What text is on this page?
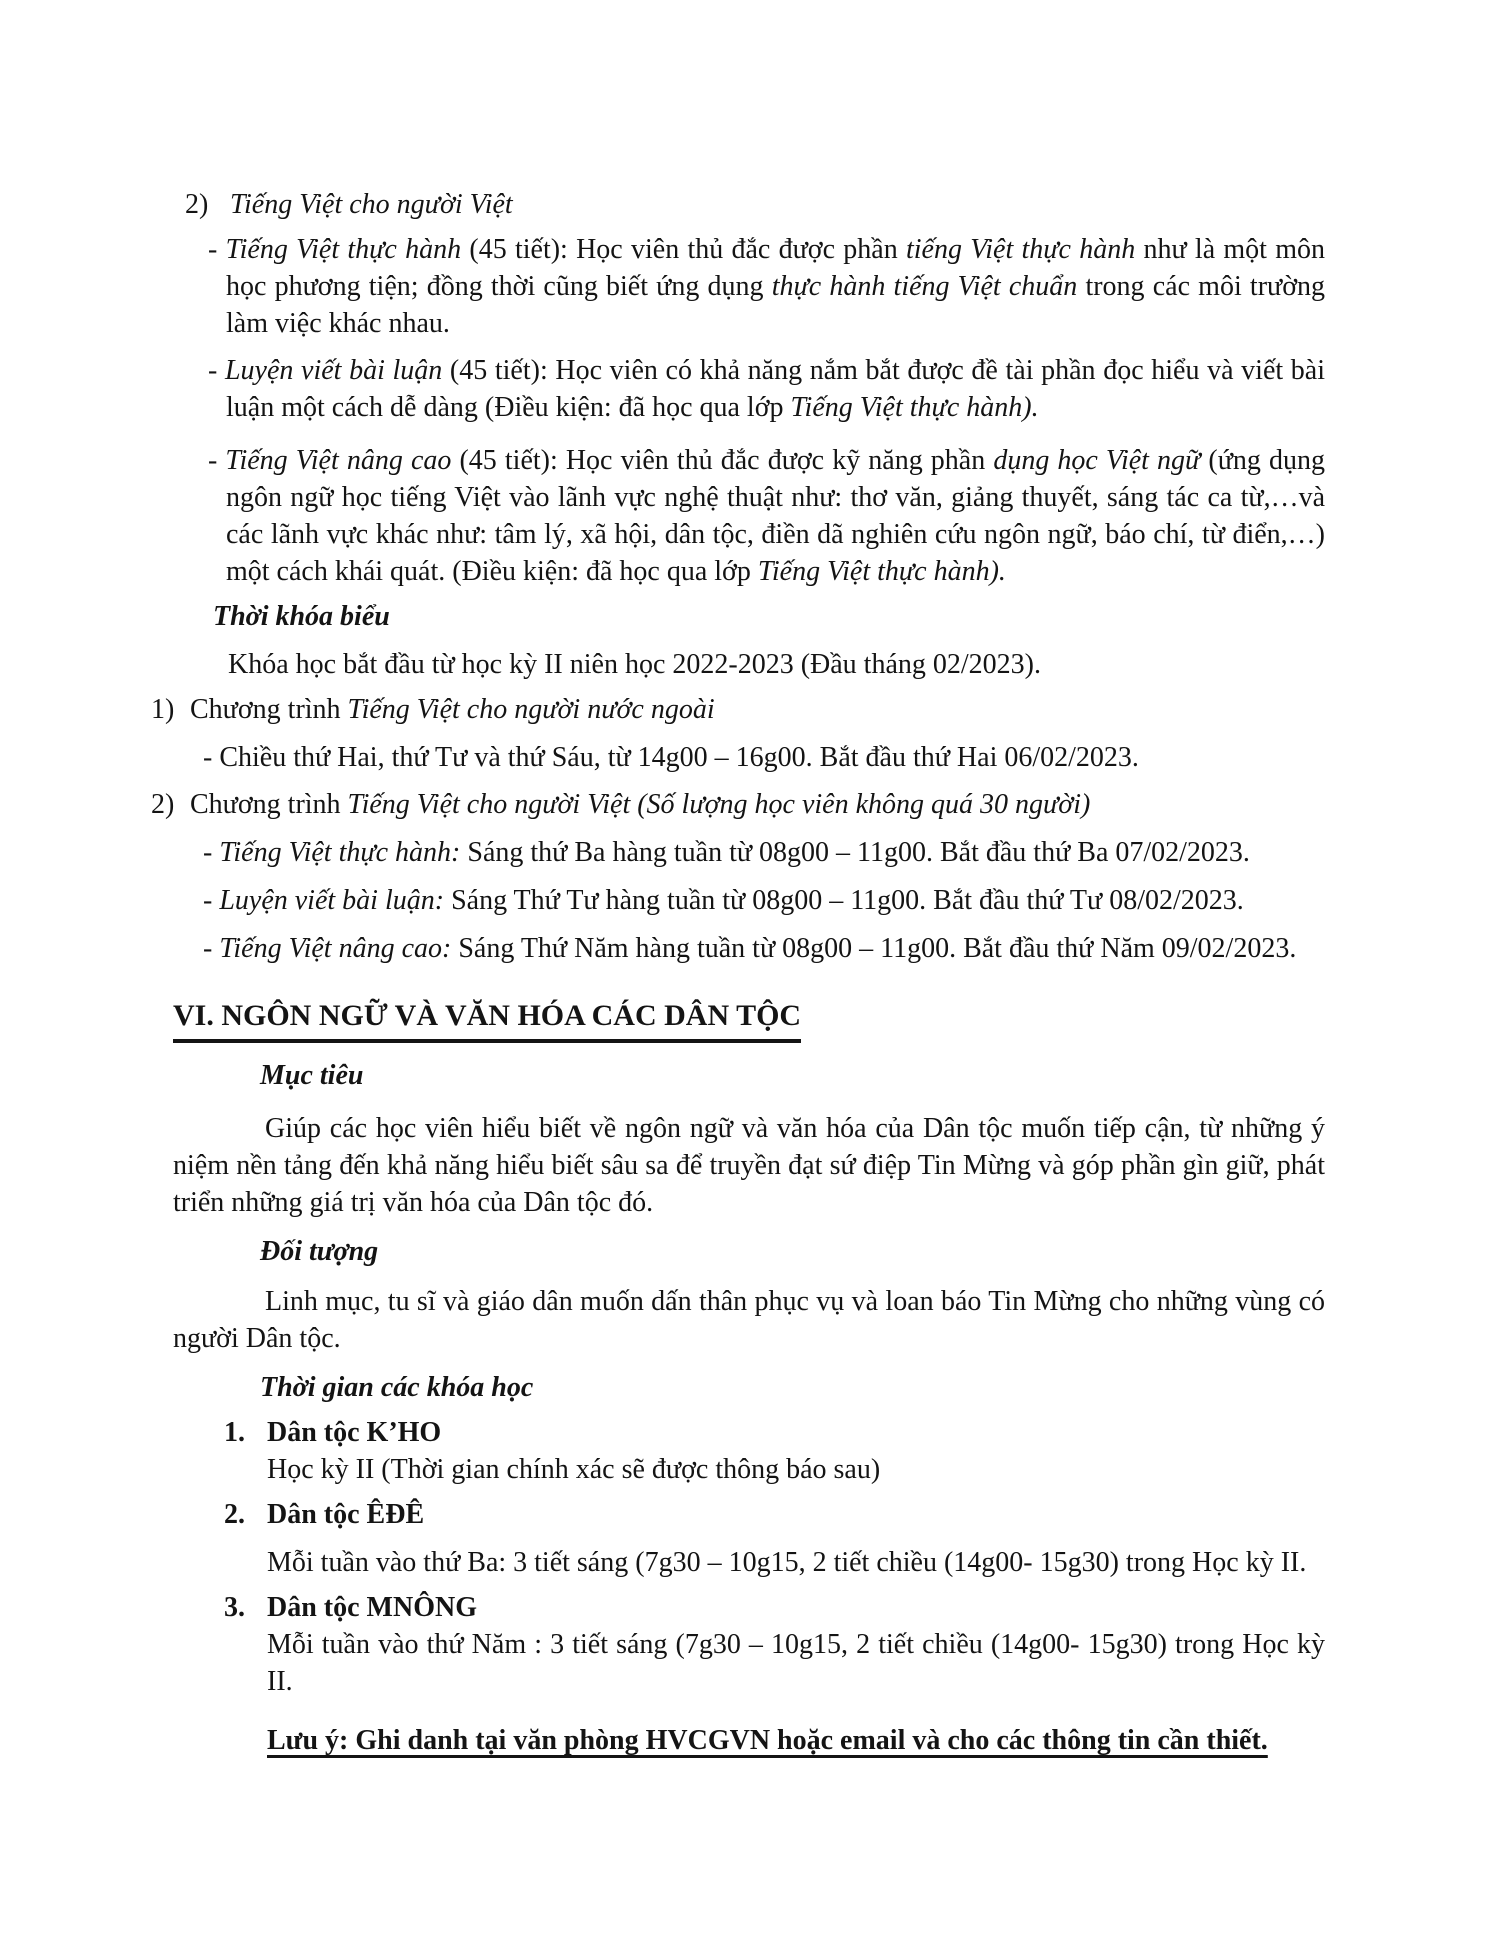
2) Tiếng Việt cho người Việt

- Tiếng Việt thực hành (45 tiết): Học viên thủ đắc được phần tiếng Việt thực hành như là một môn học phương tiện; đồng thời cũng biết ứng dụng thực hành tiếng Việt chuẩn trong các môi trường làm việc khác nhau.

- Luyện viết bài luận (45 tiết): Học viên có khả năng nắm bắt được đề tài phần đọc hiểu và viết bài luận một cách dễ dàng (Điều kiện: đã học qua lớp Tiếng Việt thực hành).

- Tiếng Việt nâng cao (45 tiết): Học viên thủ đắc được kỹ năng phần dụng học Việt ngữ (ứng dụng ngôn ngữ học tiếng Việt vào lãnh vực nghệ thuật như: thơ văn, giảng thuyết, sáng tác ca từ,…và các lãnh vực khác như: tâm lý, xã hội, dân tộc, điền dã nghiên cứu ngôn ngữ, báo chí, từ điển,…) một cách khái quát. (Điều kiện: đã học qua lớp Tiếng Việt thực hành).

Thời khóa biểu

Khóa học bắt đầu từ học kỳ II niên học 2022-2023 (Đầu tháng 02/2023).

1) Chương trình Tiếng Việt cho người nước ngoài

- Chiều thứ Hai, thứ Tư và thứ Sáu, từ 14g00 – 16g00. Bắt đầu thứ Hai 06/02/2023.

2) Chương trình Tiếng Việt cho người Việt (Số lượng học viên không quá 30 người)

- Tiếng Việt thực hành: Sáng thứ Ba hàng tuần từ 08g00 – 11g00. Bắt đầu thứ Ba 07/02/2023.

- Luyện viết bài luận: Sáng Thứ Tư hàng tuần từ 08g00 – 11g00. Bắt đầu thứ Tư 08/02/2023.

- Tiếng Việt nâng cao: Sáng Thứ Năm hàng tuần từ 08g00 – 11g00. Bắt đầu thứ Năm 09/02/2023.

VI. NGÔN NGỮ VÀ VĂN HÓA CÁC DÂN TỘC

Mục tiêu

Giúp các học viên hiểu biết về ngôn ngữ và văn hóa của Dân tộc muốn tiếp cận, từ những ý niệm nền tảng đến khả năng hiểu biết sâu sa để truyền đạt sứ điệp Tin Mừng và góp phần gìn giữ, phát triển những giá trị văn hóa của Dân tộc đó.

Đối tượng

Linh mục, tu sĩ và giáo dân muốn dấn thân phục vụ và loan báo Tin Mừng cho những vùng có người Dân tộc.

Thời gian các khóa học

1. Dân tộc K’HO

Học kỳ II (Thời gian chính xác sẽ được thông báo sau)

2. Dân tộc ÊĐÊ

Mỗi tuần vào thứ Ba: 3 tiết sáng (7g30 – 10g15, 2 tiết chiều (14g00- 15g30) trong Học kỳ II.

3. Dân tộc MNÔNG

Mỗi tuần vào thứ Năm : 3 tiết sáng (7g30 – 10g15, 2 tiết chiều (14g00- 15g30) trong Học kỳ II.

Lưu ý: Ghi danh tại văn phòng HVCGVN hoặc email và cho các thông tin cần thiết.
